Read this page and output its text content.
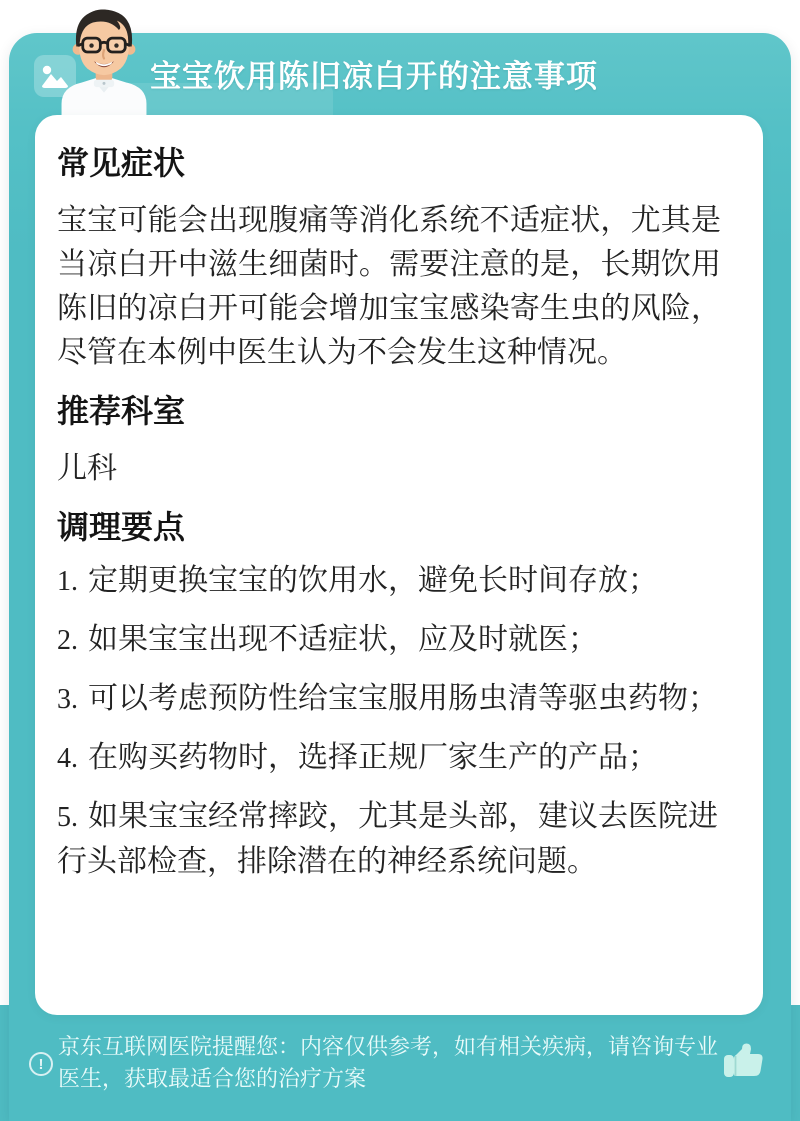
宝宝饮用陈旧凉白开的注意事项
常见症状

宝宝可能会出现腹痛等消化系统不适症状，尤其是当凉白开中滋生细菌时。需要注意的是，长期饮用陈旧的凉白开可能会增加宝宝感染寄生虫的风险，尽管在本例中医生认为不会发生这种情况。

推荐科室

儿科

调理要点
1. 定期更换宝宝的饮用水，避免长时间存放；
2. 如果宝宝出现不适症状，应及时就医；
3. 可以考虑预防性给宝宝服用肠虫清等驱虫药物；
4. 在购买药物时，选择正规厂家生产的产品；
5. 如果宝宝经常摔跤，尤其是头部，建议去医院进行头部检查，排除潜在的神经系统问题。
!
京东互联网医院提醒您：内容仅供参考，如有相关疾病，请咨询专业医生，获取最适合您的治疗方案
